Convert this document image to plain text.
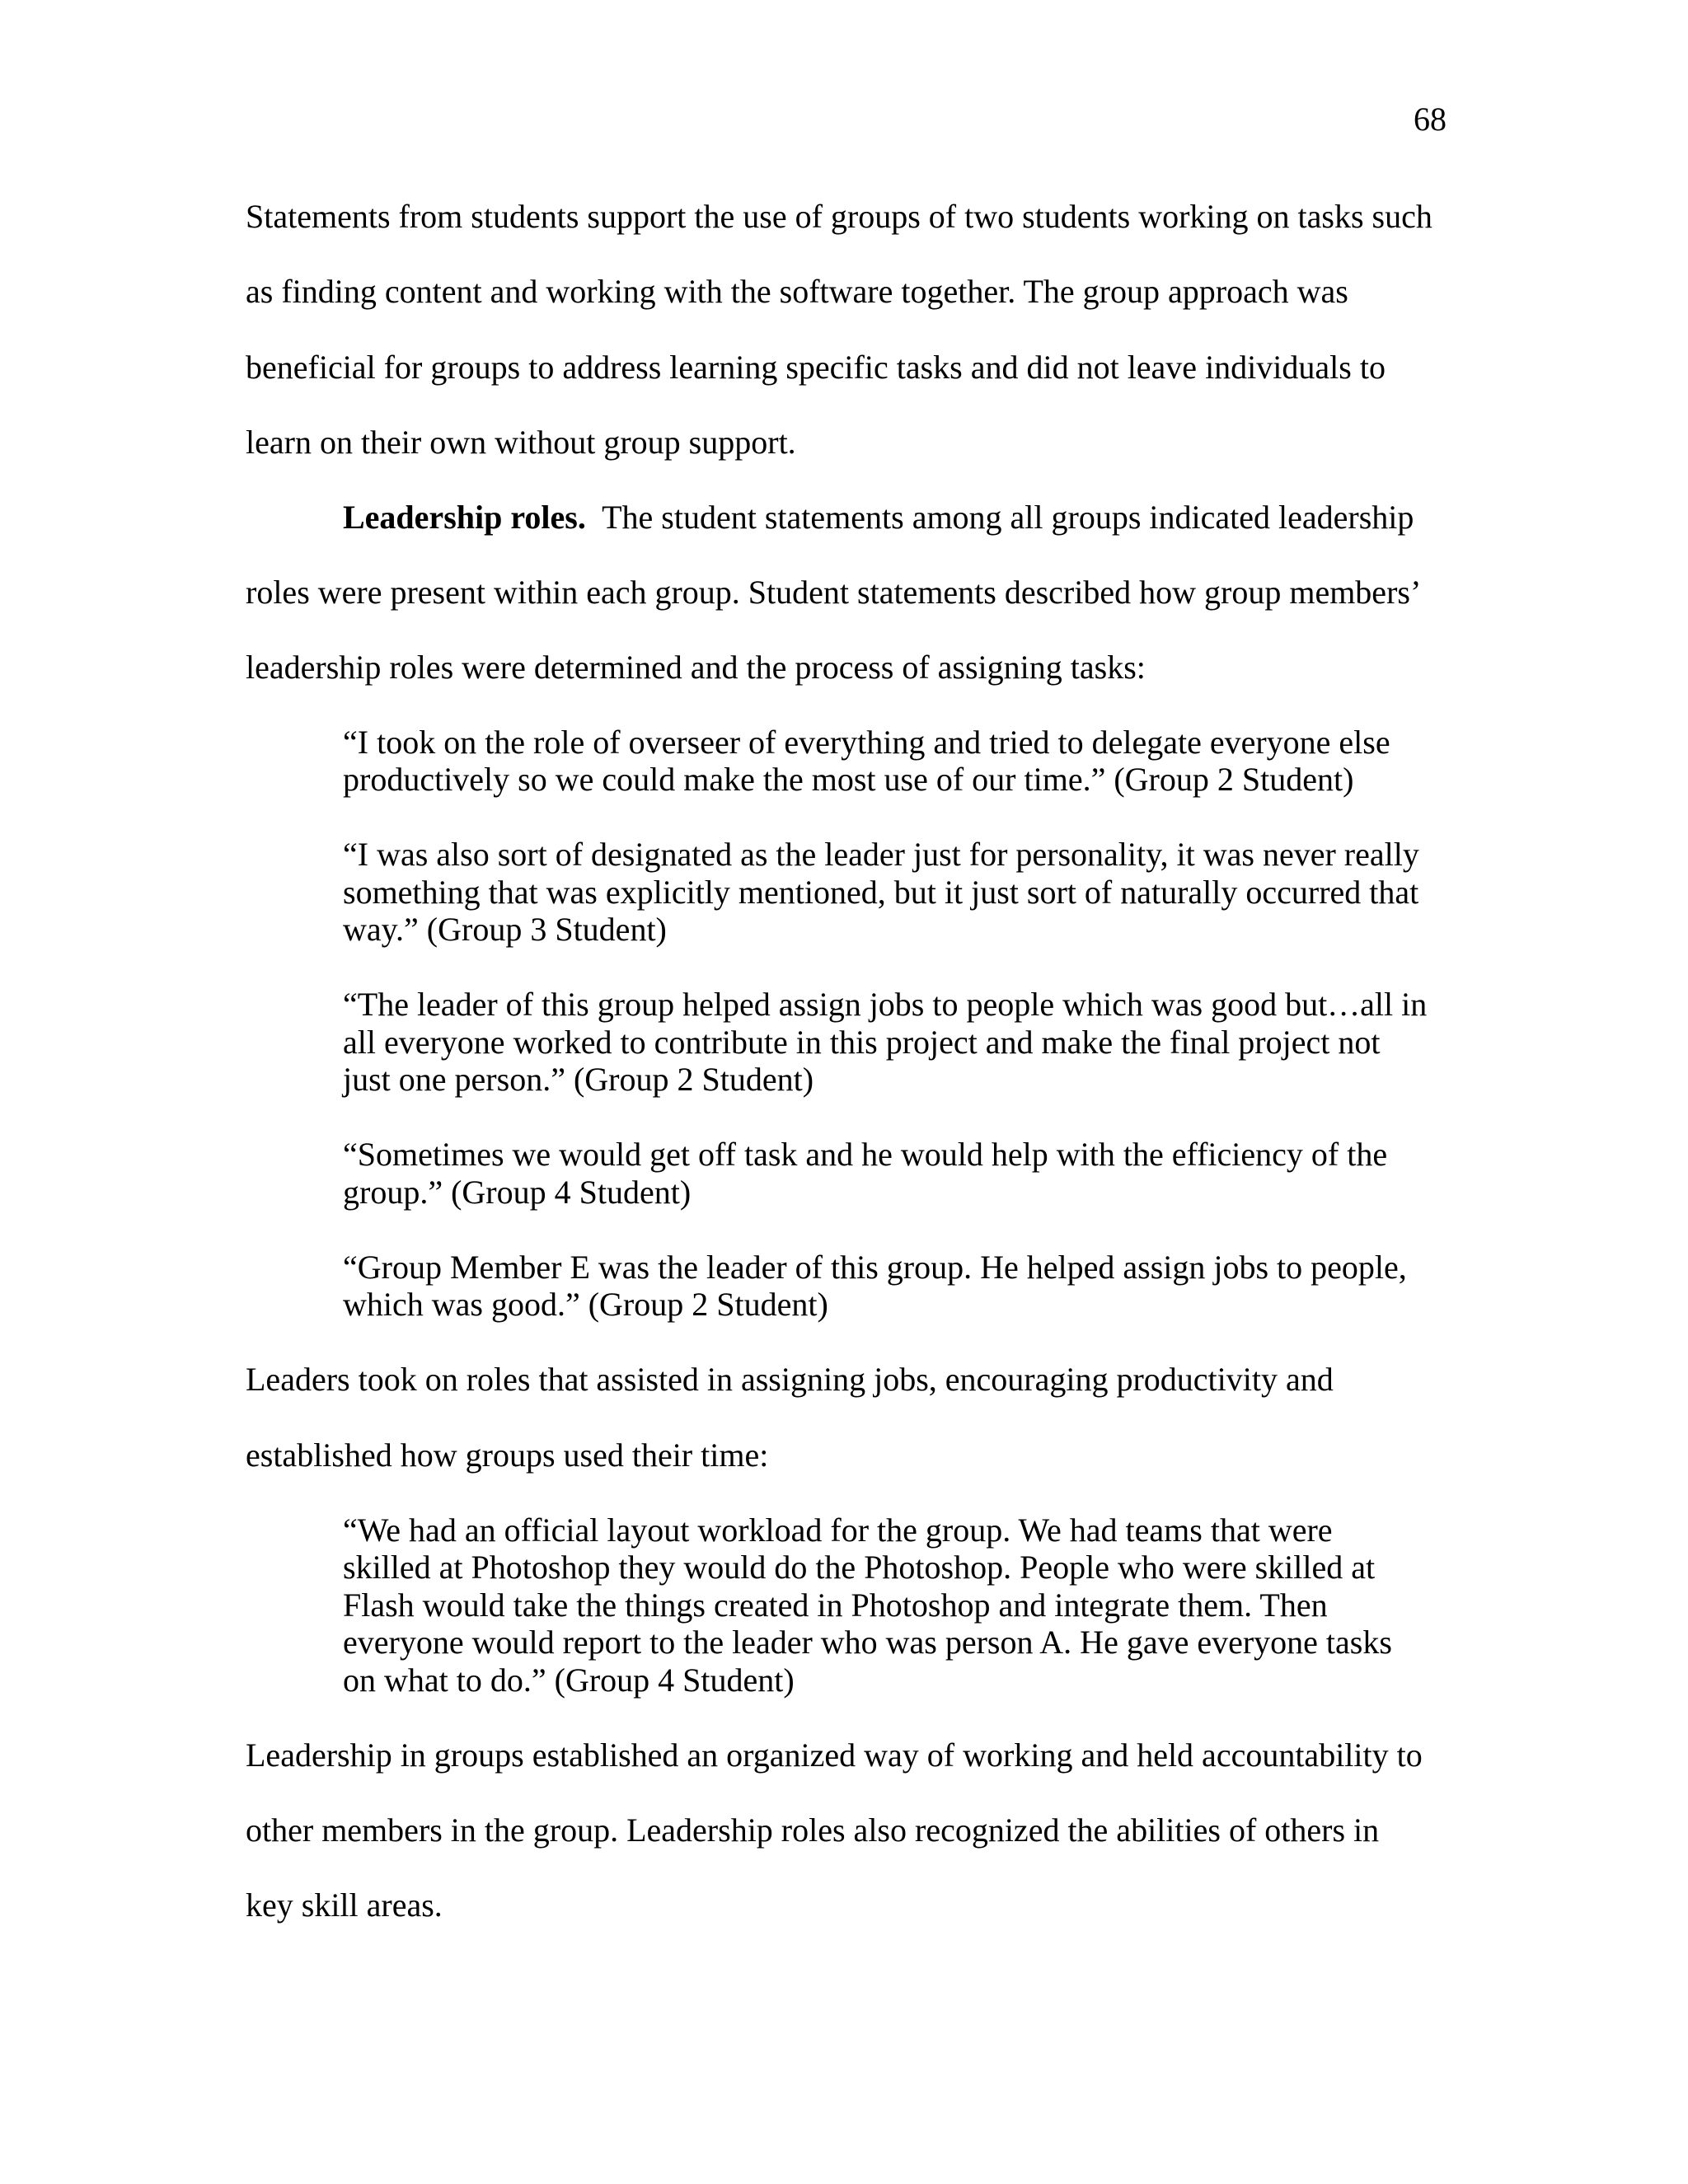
68
Statements from students support the use of groups of two students working on tasks such
as finding content and working with the software together. The group approach was
beneficial for groups to address learning specific tasks and did not leave individuals to
learn on their own without group support.
Leadership roles.  The student statements among all groups indicated leadership
roles were present within each group. Student statements described how group members’
leadership roles were determined and the process of assigning tasks:
“I took on the role of overseer of everything and tried to delegate everyone else
productively so we could make the most use of our time.” (Group 2 Student)
“I was also sort of designated as the leader just for personality, it was never really
something that was explicitly mentioned, but it just sort of naturally occurred that
way.” (Group 3 Student)
“The leader of this group helped assign jobs to people which was good but…all in
all everyone worked to contribute in this project and make the final project not
just one person.” (Group 2 Student)
“Sometimes we would get off task and he would help with the efficiency of the
group.” (Group 4 Student)
“Group Member E was the leader of this group. He helped assign jobs to people,
which was good.” (Group 2 Student)
Leaders took on roles that assisted in assigning jobs, encouraging productivity and
established how groups used their time:
“We had an official layout workload for the group. We had teams that were
skilled at Photoshop they would do the Photoshop. People who were skilled at
Flash would take the things created in Photoshop and integrate them. Then
everyone would report to the leader who was person A. He gave everyone tasks
on what to do.” (Group 4 Student)
Leadership in groups established an organized way of working and held accountability to
other members in the group. Leadership roles also recognized the abilities of others in
key skill areas.
